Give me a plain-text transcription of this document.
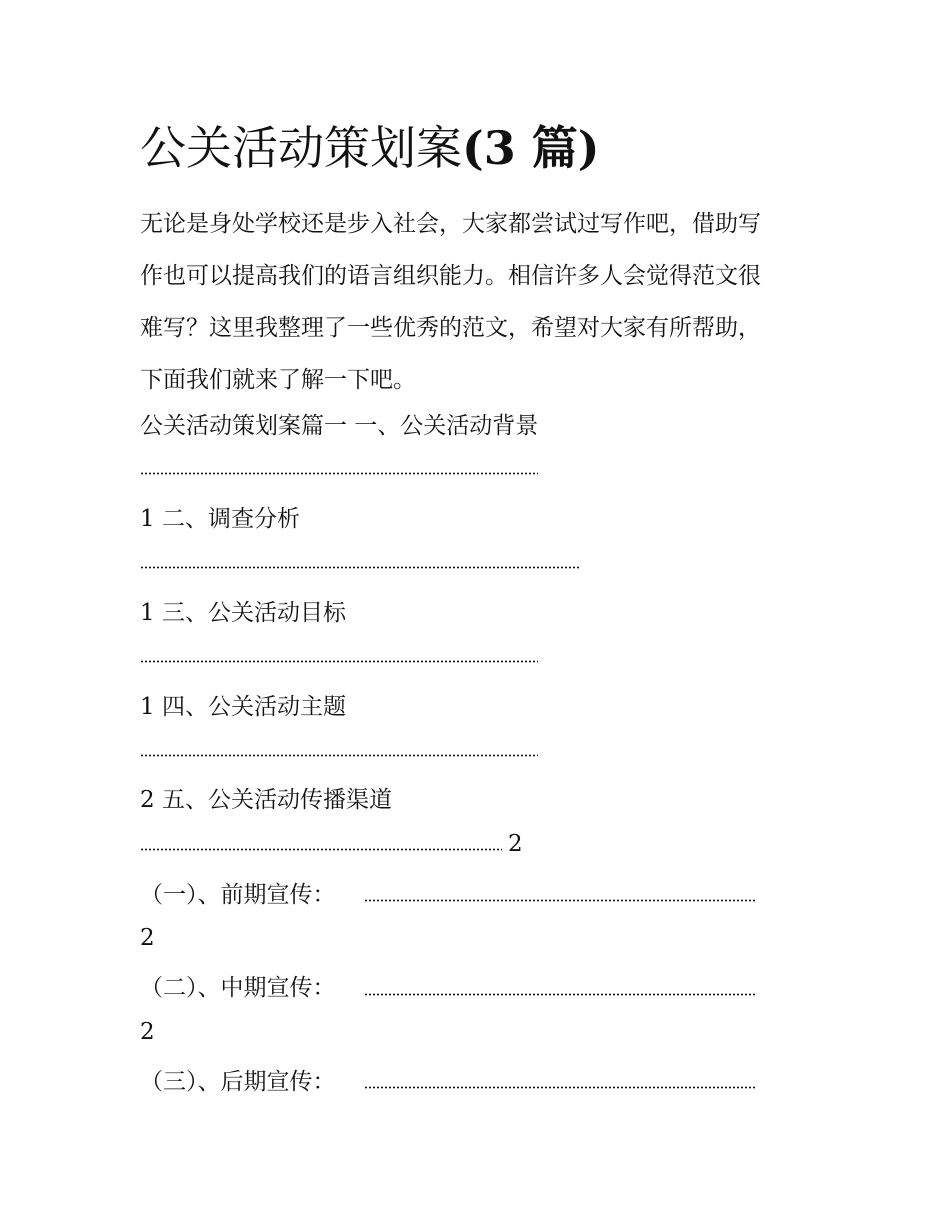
公关活动策划案(3 篇)
无论是身处学校还是步入社会，大家都尝试过写作吧，借助写
作也可以提高我们的语言组织能力。相信许多人会觉得范文很
难写？这里我整理了一些优秀的范文，希望对大家有所帮助，
下面我们就来了解一下吧。
公关活动策划案篇一 一、公关活动背景
1 二、调查分析
1 三、公关活动目标
1 四、公关活动主题
2 五、公关活动传播渠道
2
（一）、前期宣传：
2
（二）、中期宣传：
2
（三）、后期宣传：
